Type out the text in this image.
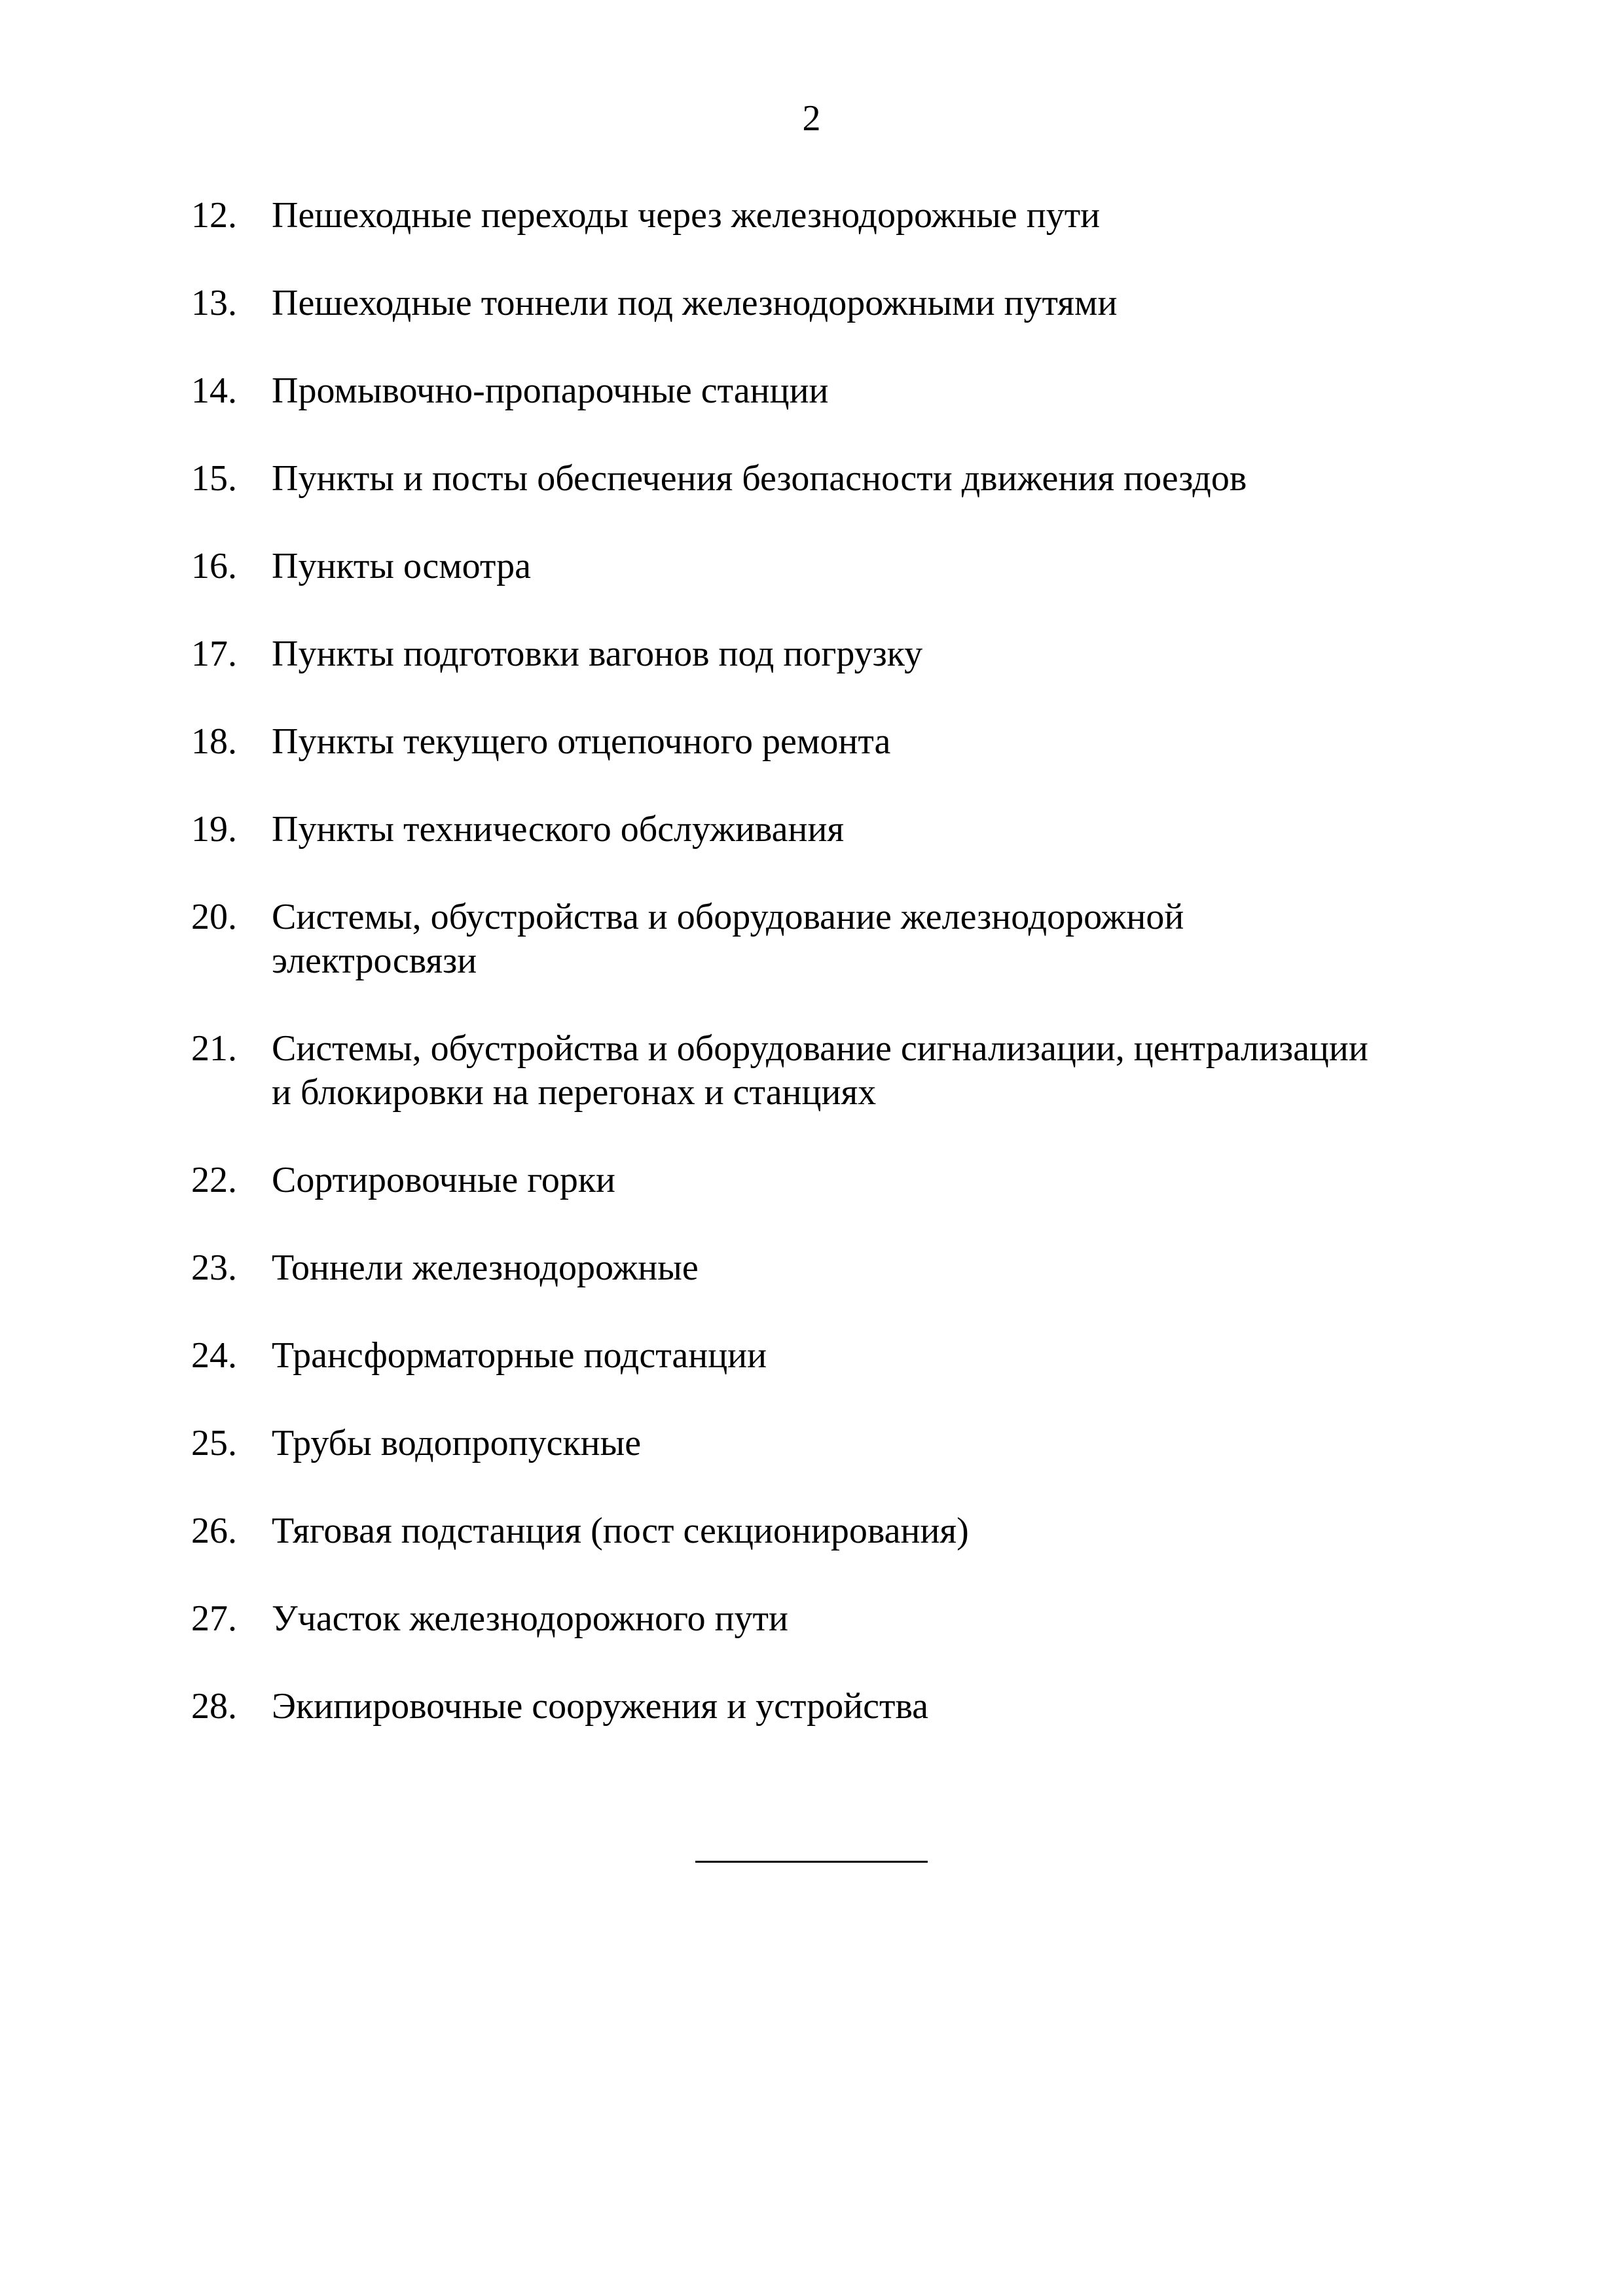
2
12. Пешеходные переходы через железнодорожные пути
13. Пешеходные тоннели под железнодорожными путями
14. Промывочно-пропарочные станции
15. Пункты и посты обеспечения безопасности движения поездов
16. Пункты осмотра
17. Пункты подготовки вагонов под погрузку
18. Пункты текущего отцепочного ремонта
19. Пункты технического обслуживания
20. Системы, обустройства и оборудование железнодорожной электросвязи
21. Системы, обустройства и оборудование сигнализации, централизации и блокировки на перегонах и станциях
22. Сортировочные горки
23. Тоннели железнодорожные
24. Трансформаторные подстанции
25. Трубы водопропускные
26. Тяговая подстанция (пост секционирования)
27. Участок железнодорожного пути
28. Экипировочные сооружения и устройства
